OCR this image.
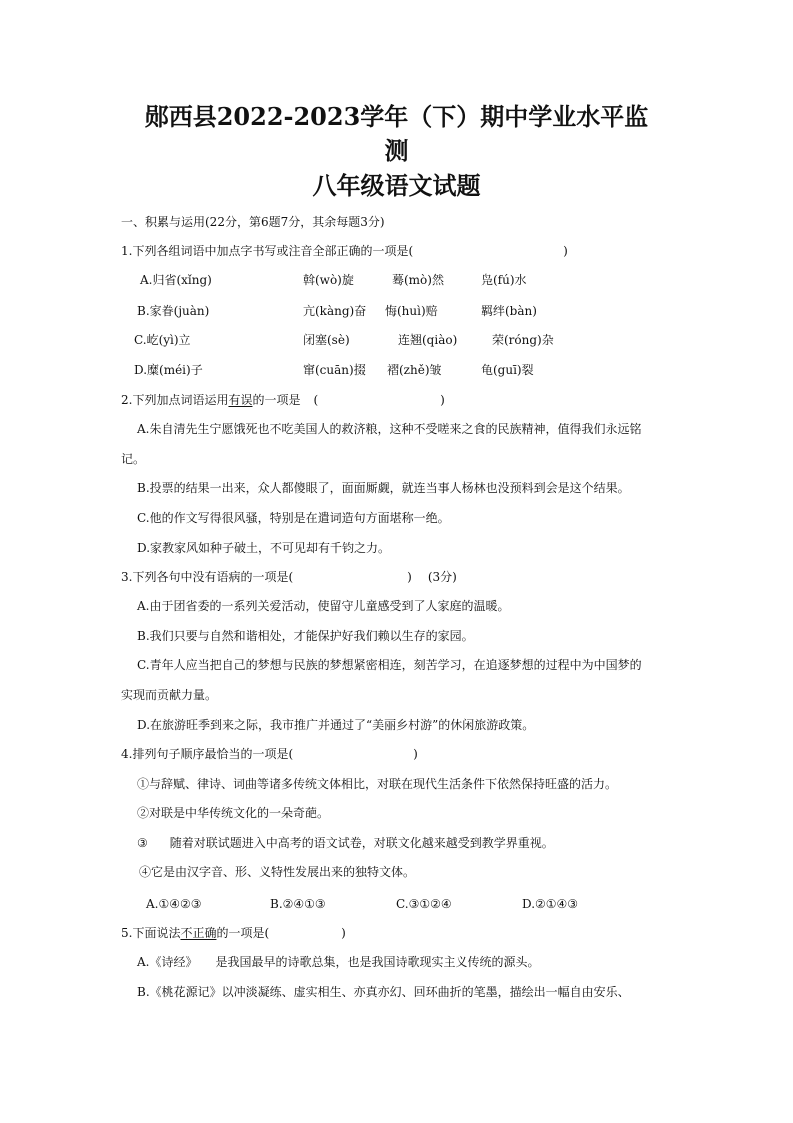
郧西县2022-2023学年（下）期中学业水平监
测
八年级语文试题
一、积累与运用(22分，第6题7分，其余每题3分)
1.下列各组词语中加点字书写或注音全部正确的一项是(	)
A.归省(xǐng)	斡(wò)旋	蓦(mò)然	凫(fú)水
B.家眷(juàn)	亢(kàng)奋 悔(huì)赔	羁绊(bàn)
C.屹(yì)立	闭塞(sè)	连翘(qiào)	荣(róng)杂
D.糜(méi)子	窜(cuān)掇 褶(zhě)皱	龟(guī)裂
2.下列加点词语运用有误的一项是 (	)
A.朱自清先生宁愿饿死也不吃美国人的救济粮，这种不受嗟来之食的民族精神，值得我们永远铭
记。
B.投票的结果一出来，众人都傻眼了，面面厮觑，就连当事人杨林也没预料到会是这个结果。
C.他的作文写得很风骚，特别是在遣词造句方面堪称一绝。
D.家教家风如种子破土，不可见却有千钧之力。
3.下列各句中没有语病的一项是(	) (3分)
A.由于团省委的一系列关爱活动，使留守儿童感受到了人家庭的温暖。
B.我们只要与自然和谐相处，才能保护好我们赖以生存的家园。
C.青年人应当把自己的梦想与民族的梦想紧密相连，刻苦学习，在追逐梦想的过程中为中国梦的
实现而贡献力量。
D.在旅游旺季到来之际，我市推广并通过了“美丽乡村游”的休闲旅游政策。
4.排列句子顺序最恰当的一项是(	)
①与辞赋、律诗、词曲等诸多传统文体相比，对联在现代生活条件下依然保持旺盛的活力。
②对联是中华传统文化的一朵奇葩。
③ 随着对联试题进入中高考的语文试卷，对联文化越来越受到教学界重视。
④它是由汉字音、形、义特性发展出来的独特文体。
A.①④②③	B.②④①③	C.③①②④	D.②①④③
5.下面说法不正确的一项是(	)
A.《诗经》 是我国最早的诗歌总集，也是我国诗歌现实主义传统的源头。
B.《桃花源记》以冲淡凝练、虚实相生、亦真亦幻、回环曲折的笔墨，描绘出一幅自由安乐、
